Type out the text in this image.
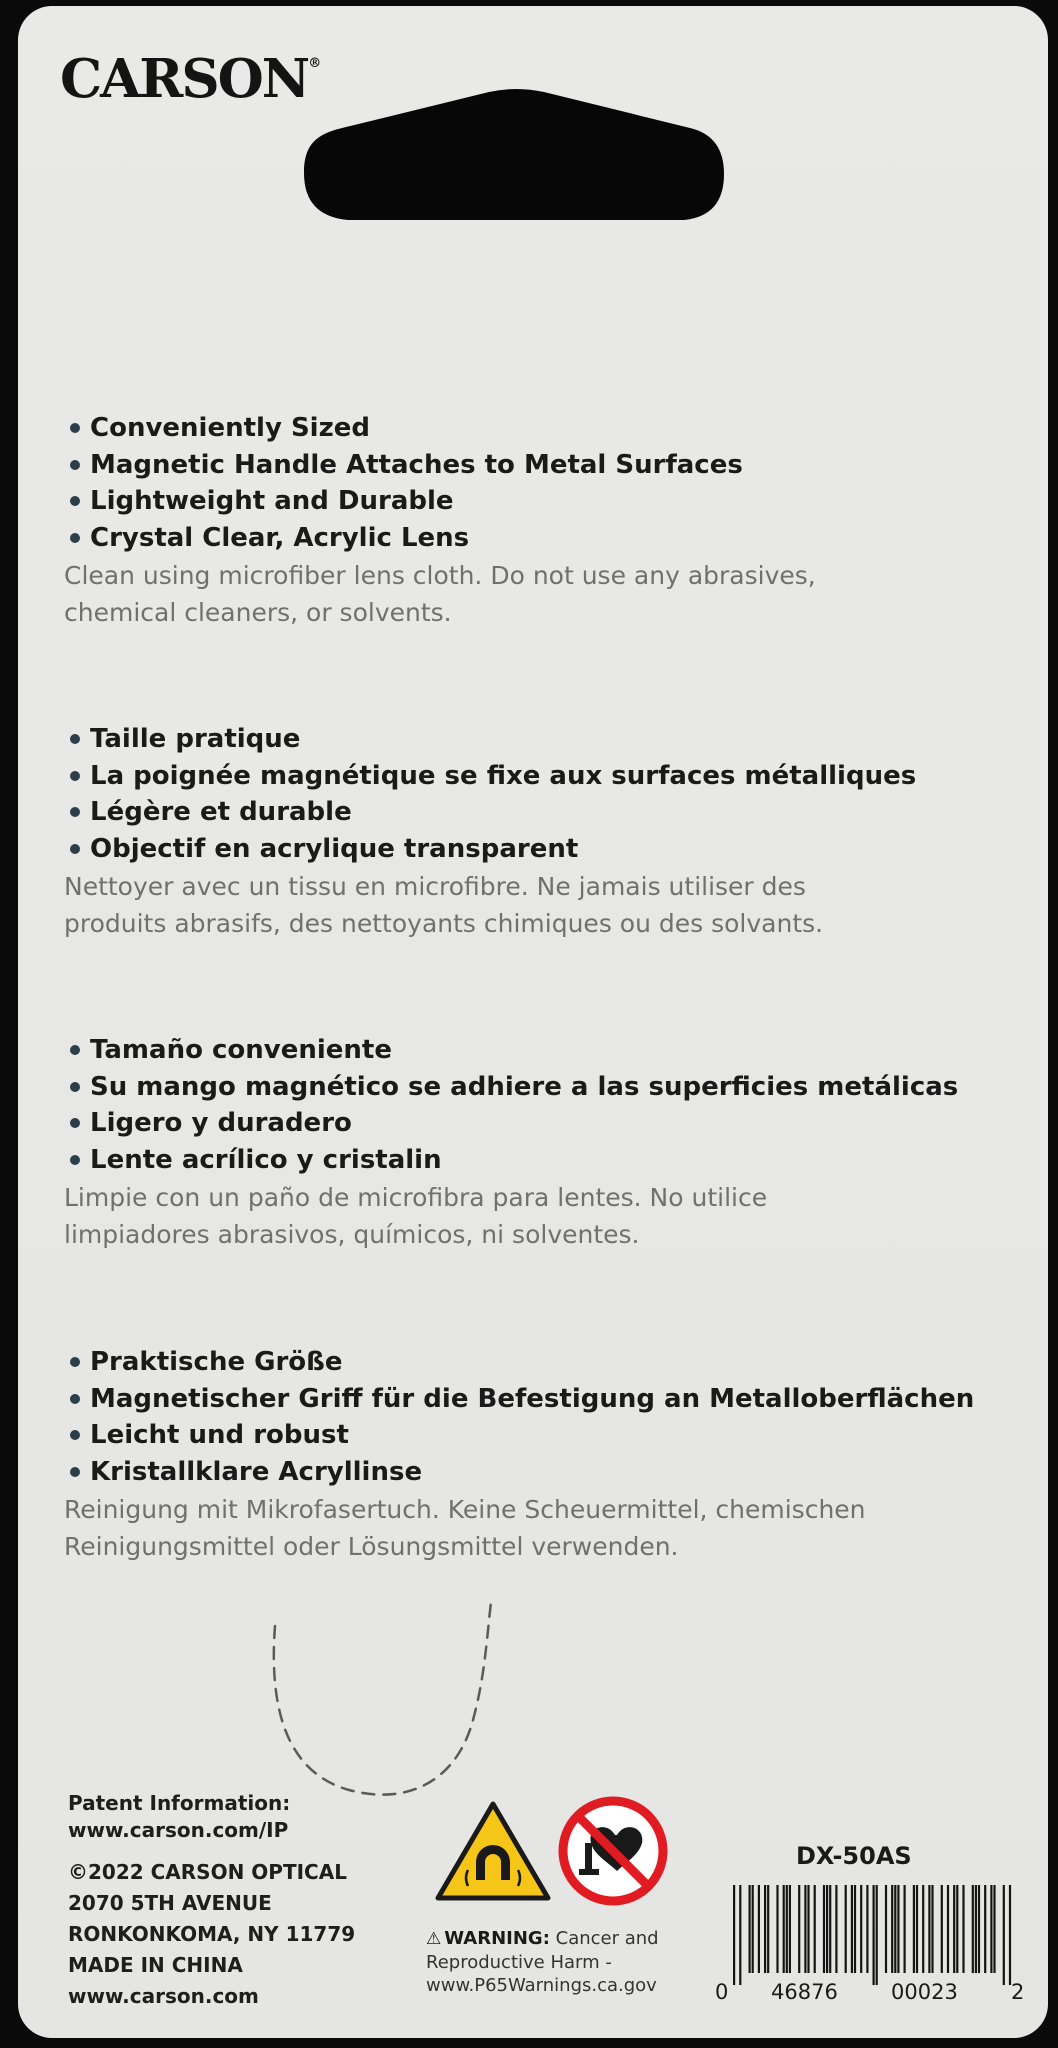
CARSON®
Conveniently Sized
Magnetic Handle Attaches to Metal Surfaces
Lightweight and Durable
Crystal Clear, Acrylic Lens
Clean using microfiber lens cloth. Do not use any abrasives,
chemical cleaners, or solvents.
Taille pratique
La poignée magnétique se fixe aux surfaces métalliques
Légère et durable
Objectif en acrylique transparent
Nettoyer avec un tissu en microfibre. Ne jamais utiliser des
produits abrasifs, des nettoyants chimiques ou des solvants.
Tamaño conveniente
Su mango magnético se adhiere a las superficies metálicas
Ligero y duradero
Lente acrílico y cristalin
Limpie con un paño de microfibra para lentes. No utilice
limpiadores abrasivos, químicos, ni solventes.
Praktische Größe
Magnetischer Griff für die Befestigung an Metalloberflächen
Leicht und robust
Kristallklare Acryllinse
Reinigung mit Mikrofasertuch. Keine Scheuermittel, chemischen
Reinigungsmittel oder Lösungsmittel verwenden.
Patent Information:
www.carson.com/IP
©2022 CARSON OPTICAL
2070 5TH AVENUE
RONKONKOMA, NY 11779
MADE IN CHINA
www.carson.com
⚠ WARNING: Cancer and
Reproductive Harm -
www.P65Warnings.ca.gov
DX-50AS
0 46876	00023	2
